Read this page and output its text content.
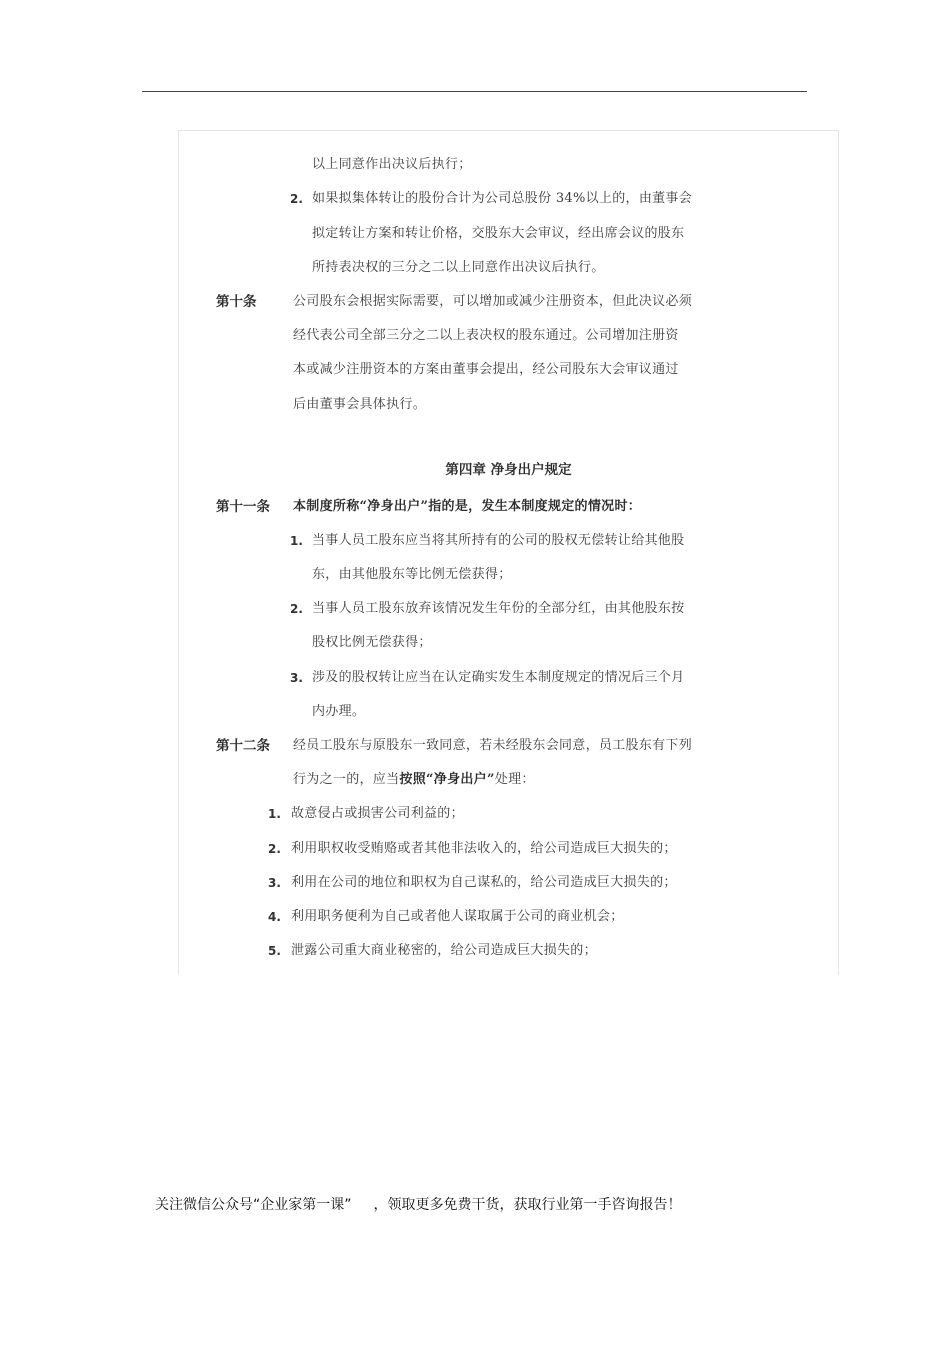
以上同意作出决议后执行；
2. 如果拟集体转让的股份合计为公司总股份 34%以上的，由董事会
拟定转让方案和转让价格，交股东大会审议，经出席会议的股东
所持表决权的三分之二以上同意作出决议后执行。
第十条	公司股东会根据实际需要，可以增加或减少注册资本，但此决议必须
经代表公司全部三分之二以上表决权的股东通过。公司增加注册资
本或减少注册资本的方案由董事会提出，经公司股东大会审议通过
后由董事会具体执行。
第四章 净身出户规定
第十一条 本制度所称“净身出户”指的是，发生本制度规定的情况时：
1. 当事人员工股东应当将其所持有的公司的股权无偿转让给其他股
东，由其他股东等比例无偿获得；
2. 当事人员工股东放弃该情况发生年份的全部分红，由其他股东按
股权比例无偿获得；
3. 涉及的股权转让应当在认定确实发生本制度规定的情况后三个月
内办理。
第十二条 经员工股东与原股东一致同意，若未经股东会同意，员工股东有下列
行为之一的，应当按照“净身出户”处理：
1. 故意侵占或损害公司利益的；
2. 利用职权收受贿赂或者其他非法收入的，给公司造成巨大损失的；
3. 利用在公司的地位和职权为自己谋私的，给公司造成巨大损失的；
4. 利用职务便利为自己或者他人谋取属于公司的商业机会；
5. 泄露公司重大商业秘密的，给公司造成巨大损失的；
关注微信公众号“企业家第一课” ，领取更多免费干货，获取行业第一手咨询报告！
